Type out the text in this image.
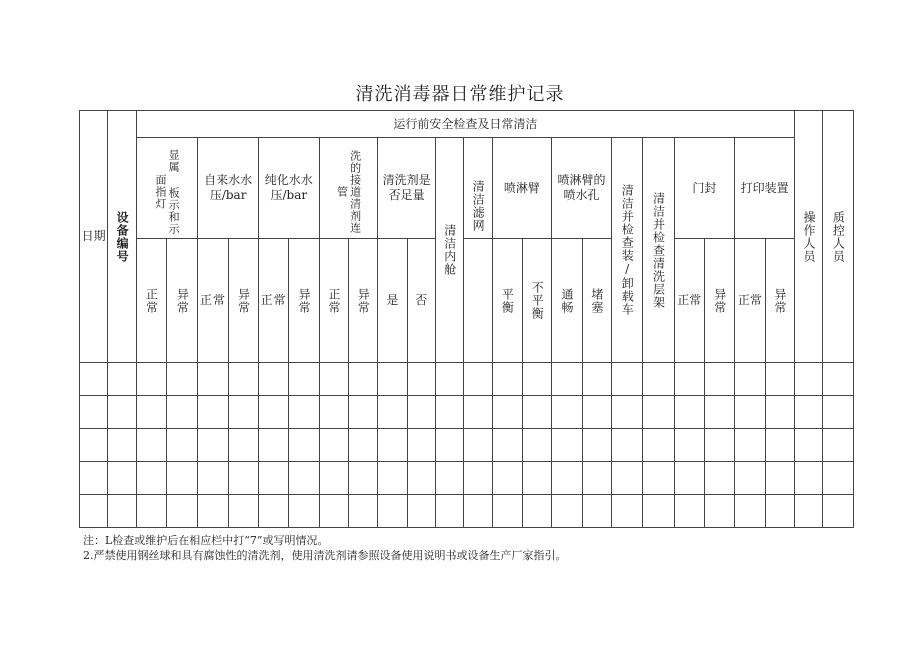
清洗消毒器日常维护记录
日期	设备编号	运行前安全检查及日常清洁																						操作人员	质控人员

		显属 板示和示面指灯		自来水水压/bar		纯化水水压/bar		洗的接道清剂连管		清洗剂是否足量		清洁内舱	清洁滤网	喷淋臂		喷淋臂的喷水孔		清洁并检查装/卸载车	清洁并检查清洗层架	门封		打印装置			

		正常	异常	正常	异常	正常	异常	正常	异常	是	否			平衡	不平衡	通畅	堵塞			正常	异常	正常	异常		

注：L检查或维护后在相应栏中打“7”或写明情况。
2.严禁使用钢丝球和具有腐蚀性的清洗剂，使用清洗剂请参照设备使用说明书或设备生产厂家指引。
